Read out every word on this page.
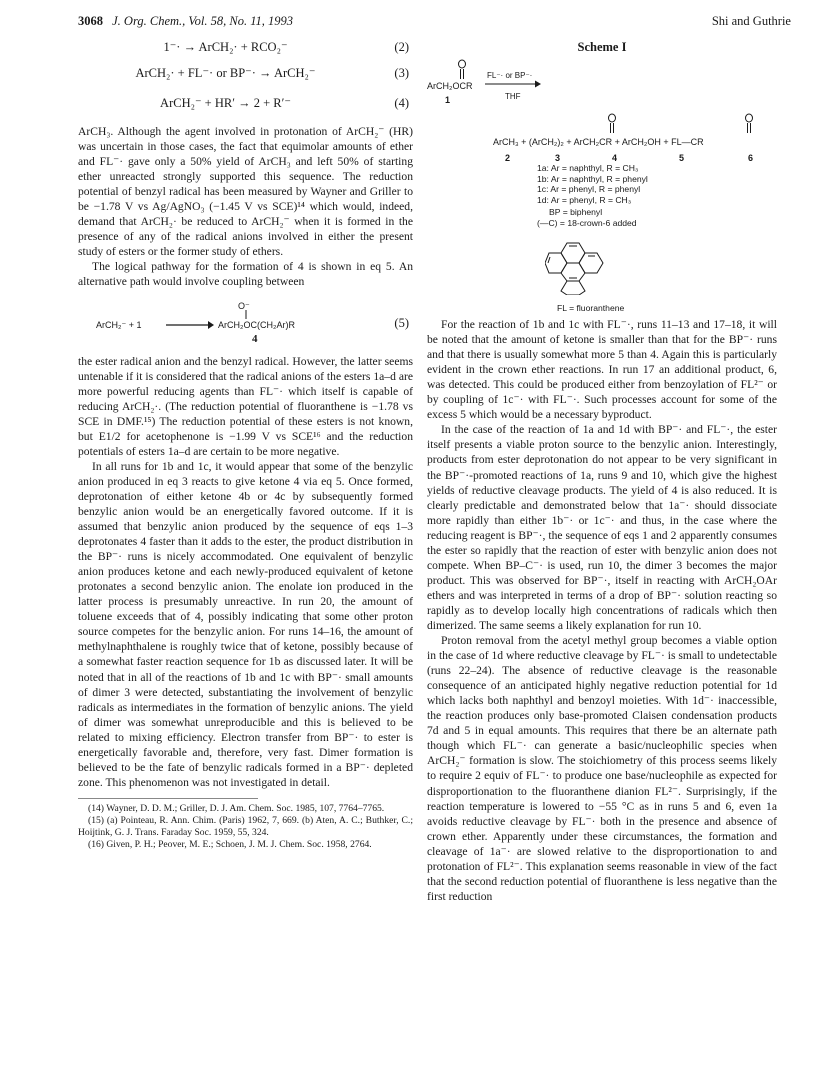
3068 J. Org. Chem., Vol. 58, No. 11, 1993	Shi and Guthrie
1⁻· → ArCH₂· + RCO₂⁻	(2)
ArCH₂· + FL⁻· or BP⁻· → ArCH₂⁻	(3)
ArCH₂⁻ + HR′ → 2 + R′⁻	(4)

ArCH₃. Although the agent involved in protonation of ArCH₂⁻ (HR) was uncertain in those cases, the fact that equimolar amounts of ether and FL⁻· gave only a 50% yield of ArCH₃ and left 50% of starting ether unreacted strongly supported this sequence. The reduction potential of benzyl radical has been measured by Wayner and Griller to be −1.78 V vs Ag/AgNO₃ (−1.45 V vs SCE)¹⁴ which would, indeed, demand that ArCH₂· be reduced to ArCH₂⁻ when it is formed in the presence of any of the radical anions involved in either the present study of esters or the former study of ethers.

The logical pathway for the formation of 4 is shown in eq 5. An alternative path would involve coupling between

ArCH₂⁻ + 1
O⁻
ArCH₂OC(CH₂Ar)R
4
(5)

the ester radical anion and the benzyl radical. However, the latter seems untenable if it is considered that the radical anions of the esters 1a–d are more powerful reducing agents than FL⁻· which itself is capable of reducing ArCH₂·. (The reduction potential of fluoranthene is −1.78 vs SCE in DMF.¹⁵) The reduction potential of these esters is not known, but E1/2 for acetophenone is −1.99 V vs SCE¹⁶ and the reduction potentials of esters 1a–d are certain to be more negative.

In all runs for 1b and 1c, it would appear that some of the benzylic anion produced in eq 3 reacts to give ketone 4 via eq 5. Once formed, deprotonation of either ketone 4b or 4c by subsequently formed benzylic anion would be an energetically favored outcome. If it is assumed that benzylic anion produced by the sequence of eqs 1–3 deprotonates 4 faster than it adds to the ester, the product distribution in the BP⁻· runs is nicely accommodated. One equivalent of benzylic anion produces ketone and each newly-produced equivalent of ketone protonates a second benzylic anion. The enolate ion produced in the latter process is presumably unreactive. In run 20, the amount of toluene exceeds that of 4, possibly indicating that some other proton source competes for the benzylic anion. For runs 14–16, the amount of methylnaphthalene is roughly twice that of ketone, possibly because of a somewhat faster reaction sequence for 1b as discussed later. It will be noted that in all of the reactions of 1b and 1c with BP⁻· small amounts of dimer 3 were detected, substantiating the involvement of benzylic radicals as intermediates in the formation of benzylic anions. The yield of dimer was somewhat unreproducible and this is believed to be related to mixing efficiency. Electron transfer from BP⁻· to ester is energetically favorable and, therefore, very fast. Dimer formation is believed to be the fate of benzylic radicals formed in a BP⁻· depleted zone. This phenomenon was not investigated in detail.

(14) Wayner, D. D. M.; Griller, D. J. Am. Chem. Soc. 1985, 107, 7764–7765.
(15) (a) Pointeau, R. Ann. Chim. (Paris) 1962, 7, 669. (b) Aten, A. C.; Buthker, C.; Hoijtink, G. J. Trans. Faraday Soc. 1959, 55, 324.
(16) Given, P. H.; Peover, M. E.; Schoen, J. M. J. Chem. Soc. 1958, 2764.
Scheme I
ArCH₂OCR
1
FL⁻· or BP⁻·
THF
ArCH₃ + (ArCH₂)₂ + ArCH₂CR + ArCH₂OH + FL—CR
2	3	4	5	6
1a: Ar = naphthyl, R = CH₃
1b: Ar = naphthyl, R = phenyl
1c: Ar = phenyl, R = phenyl
1d: Ar = phenyl, R = CH₃
BP = biphenyl
(—C) = 18-crown-6 added
FL = fluoranthene

For the reaction of 1b and 1c with FL⁻·, runs 11–13 and 17–18, it will be noted that the amount of ketone is smaller than that for the BP⁻· runs and that there is usually somewhat more 5 than 4. Again this is particularly evident in the crown ether reactions. In run 17 an additional product, 6, was detected. This could be produced either from benzoylation of FL²⁻ or by coupling of 1c⁻· with FL⁻·. Such processes account for some of the excess 5 which would be a necessary byproduct.

In the case of the reaction of 1a and 1d with BP⁻· and FL⁻·, the ester itself presents a viable proton source to the benzylic anion. Interestingly, products from ester deprotonation do not appear to be very significant in the BP⁻·-promoted reactions of 1a, runs 9 and 10, which give the highest yields of reductive cleavage products. The yield of 4 is also reduced. It is clearly predictable and demonstrated below that 1a⁻· should dissociate more rapidly than either 1b⁻· or 1c⁻· and thus, in the case where the reducing reagent is BP⁻·, the sequence of eqs 1 and 2 apparently consumes the ester so rapidly that the reaction of ester with benzylic anion does not compete. When BP–C⁻· is used, run 10, the dimer 3 becomes the major product. This was observed for BP⁻·, itself in reacting with ArCH₂OAr ethers and was interpreted in terms of a drop of BP⁻· solution reacting so rapidly as to develop locally high concentrations of radicals which then dimerized. The same seems a likely explanation for run 10.

Proton removal from the acetyl methyl group becomes a viable option in the case of 1d where reductive cleavage by FL⁻· is small to undetectable (runs 22–24). The absence of reductive cleavage is the reasonable consequence of an anticipated highly negative reduction potential for 1d which lacks both naphthyl and benzoyl moieties. With 1d⁻· inaccessible, the reaction produces only base-promoted Claisen condensation products 7d and 5 in equal amounts. This requires that there be an alternate path though which FL⁻· can generate a basic/nucleophilic species when ArCH₂⁻ formation is slow. The stoichiometry of this process seems likely to require 2 equiv of FL⁻· to produce one base/nucleophile as expected for disproportionation to the fluoranthene dianion FL²⁻. Surprisingly, if the reaction temperature is lowered to −55 °C as in runs 5 and 6, even 1a avoids reductive cleavage by FL⁻· both in the presence and absence of crown ether. Apparently under these circumstances, the formation and cleavage of 1a⁻· are slowed relative to the disproportionation to and protonation of FL²⁻. This explanation seems reasonable in view of the fact that the second reduction potential of fluoranthene is less negative than the first reduction
